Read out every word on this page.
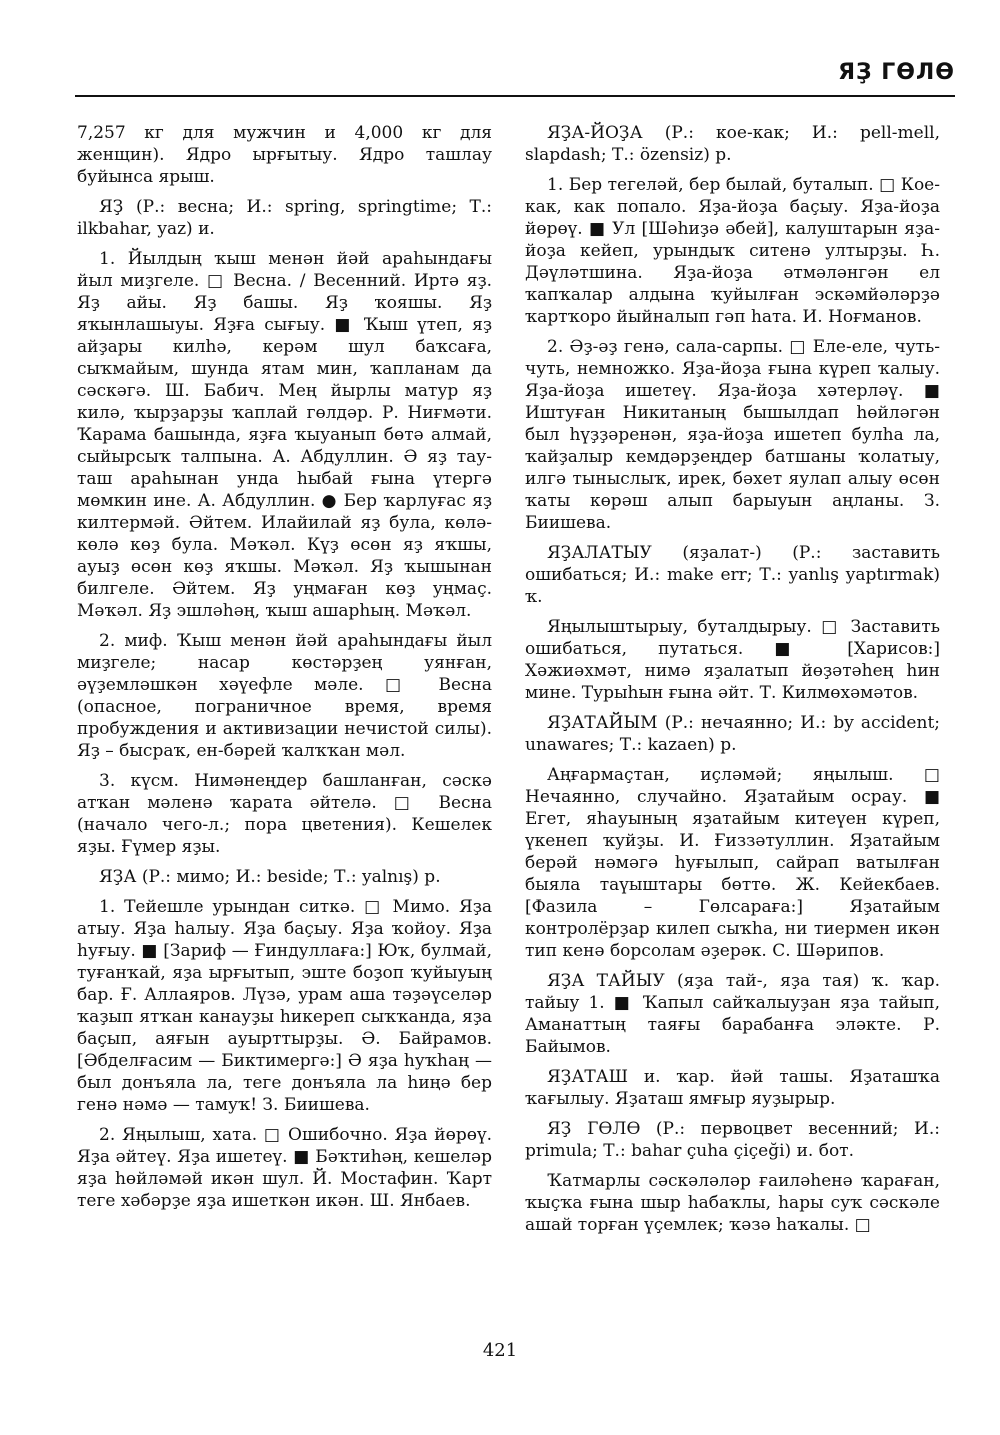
ЯҘ ГӨЛӨ

7,257 кг для мужчин и 4,000 кг для женщин). Ядро ырғытыу. Ядро ташлау буйынса ярыш.

ЯҘ (Р.: весна; И.: spring, springtime; Т.: ilkbahar, yaz) и.

1. Йылдың ҡыш менән йәй араһындағы йыл миҙгеле. □ Весна. / Весенний. Иртә яҙ. Яҙ айы. Яҙ башы. Яҙ ҡояшы. Яҙ яҡынлашыуы. Яҙға сығыу. ■ Ҡыш үтеп, яҙ айҙары килһә, керәм шул баҡсаға, сыҡмайым, шунда ятам мин, ҡапланам да сәскәгә. Ш. Бабич. Мең йырлы матур яҙ килә, ҡырҙарҙы ҡаплай гөлдәр. Р. Ниғмәти. Ҡарама башында, яҙға ҡыуанып бөтә алмай, сыйырсыҡ талпына. А. Абдуллин. Ә яҙ тау-таш араһынан унда һыбай ғына үтергә мөмкин ине. А. Абдуллин. ● Бер ҡарлуғас яҙ килтермәй. Әйтем. Илайилай яҙ була, көлә-көлә көҙ була. Мәҡәл. Күҙ өсөн яҙ яҡшы, ауыҙ өсөн көҙ яҡшы. Мәҡәл. Яҙ ҡышынан билгеле. Әйтем. Яҙ уңмаған көҙ уңмаҫ. Мәҡәл. Яҙ эшләһәң, ҡыш ашарһың. Мәҡәл.

2. миф. Ҡыш менән йәй араһындағы йыл миҙгеле; насар көстәрҙең уянған, әүҙемләшкән хәүефле мәле. □ Весна (опасное, пограничное время, время пробуждения и активизации нечистой силы). Яҙ – бысраҡ, ен-бәрей ҡалҡҡан мәл.

3. күсм. Нимәнеңдер башланған, сәскә атҡан мәленә ҡарата әйтелә. □ Весна (начало чего-л.; пора цветения). Кешелек яҙы. Ғүмер яҙы.

ЯҘА (Р.: мимо; И.: beside; Т.: yalnış) р.

1. Тейешле урындан ситкә. □ Мимо. Яҙа атыу. Яҙа һалыу. Яҙа баҫыу. Яҙа ҡойоу. Яҙа һуғыу. ■ [Зариф — Ғиндуллаға:] Юҡ, булмай, туғанҡай, яҙа ырғытып, эште боҙоп ҡуйыуың бар. Ғ. Аллаяров. Лүзә, урам аша тәҙәүселәр ҡаҙып ятҡан канауҙы һикереп сыҡҡанда, яҙа баҫып, аяғын ауырттырҙы. Ә. Байрамов. [Әбделғасим — Биктимергә:] Ә яҙа һуҡһаң — был донъяла ла, теге донъяла ла һиңә бер генә нәмә — тамуҡ! З. Биишева.

2. Яңылыш, хата. □ Ошибочно. Яҙа йөрөү. Яҙа әйтеү. Яҙа ишетеү. ■ Бәҡтиһәң, кешеләр яҙа һөйләмәй икән шул. Й. Мостафин. Ҡарт теге хәбәрҙе яҙа ишеткән икән. Ш. Янбаев.

ЯҘА-ЙОҘА (Р.: кое-как; И.: pell-mell, slapdash; Т.: özensiz) р.

1. Бер тегеләй, бер былай, буталып. □ Кое-как, как попало. Яҙа-йоҙа баҫыу. Яҙа-йоҙа йөрөү. ■ Ул [Шәһиҙә әбей], калуштарын яҙа-йоҙа кейеп, урындыҡ ситенә ултырҙы. Һ. Дәүләтшина. Яҙа-йоҙа әтмәләнгән ел ҡапҡалар алдына ҡуйылған эскәмйәләрҙә ҡартҡоро йыйналып гәп һата. И. Ноғманов.

2. Әҙ-әҙ генә, сала-сарпы. □ Еле-еле, чуть-чуть, немножко. Яҙа-йоҙа ғына күреп ҡалыу. Яҙа-йоҙа ишетеү. Яҙа-йоҙа хәтерләү. ■ Иштуған Никитаның бышылдап һөйләгән был һүҙҙәренән, яҙа-йоҙа ишетеп булһа ла, ҡайҙалыр кемдәрҙеңдер батшаны ҡолатыу, илгә тыныслыҡ, ирек, бәхет яулап алыу өсөн ҡаты көрәш алып барыуын аңланы. З. Биишева.

ЯҘАЛАТЫУ (яҙалат-) (Р.: заставить ошибаться; И.: make err; Т.: yanlış yaptırmak) ҡ.

Яңылыштырыу, буталдырыу. □ Заставить ошибаться, путаться. ■ [Харисов:] Хәжиәхмәт, нимә яҙалатып йөҙәтәһең һин мине. Турыһын ғына әйт. Т. Килмөхәмәтов.

ЯҘАТАЙЫМ (Р.: нечаянно; И.: by accident; unawares; Т.: kazaen) р.

Аңғармаҫтан, иҫләмәй; яңылыш. □ Нечаянно, случайно. Яҙатайым осрау. ■ Егет, яһауының яҙатайым китеүен күреп, үкенеп ҡуйҙы. И. Ғиззәтуллин. Яҙатайым берәй нәмәгә һуғылып, сайрап ватылған быяла таүыштары бөттө. Ж. Кейекбаев. [Фазила – Гөлсараға:] Яҙатайым контролёрҙар килеп сыҡһа, ни тиермен икән тип кенә борсолам әҙерәк. С. Шәрипов.

ЯҘА ТАЙЫУ (яҙа тай-, яҙа тая) ҡ. ҡар. тайыу 1. ■ Ҡапыл сайҡалыуҙан яҙа тайып, Аманаттың таяғы барабанға эләкте. Р. Байымов.

ЯҘАТАШ и. ҡар. йәй ташы. Яҙаташҡа ҡағылыу. Яҙаташ ямғыр яуҙырыр.

ЯҘ ГӨЛӨ (Р.: первоцвет весенний; И.: primula; Т.: bahar çuha çiçeği) и. бот.

Ҡатмарлы сәскәләләр ғаиләһенә ҡараған, ҡыҫҡа ғына шыр һабаҡлы, һары суҡ сәскәле ашай торған үҫемлек; ҡәзә һаҡалы. □

421
